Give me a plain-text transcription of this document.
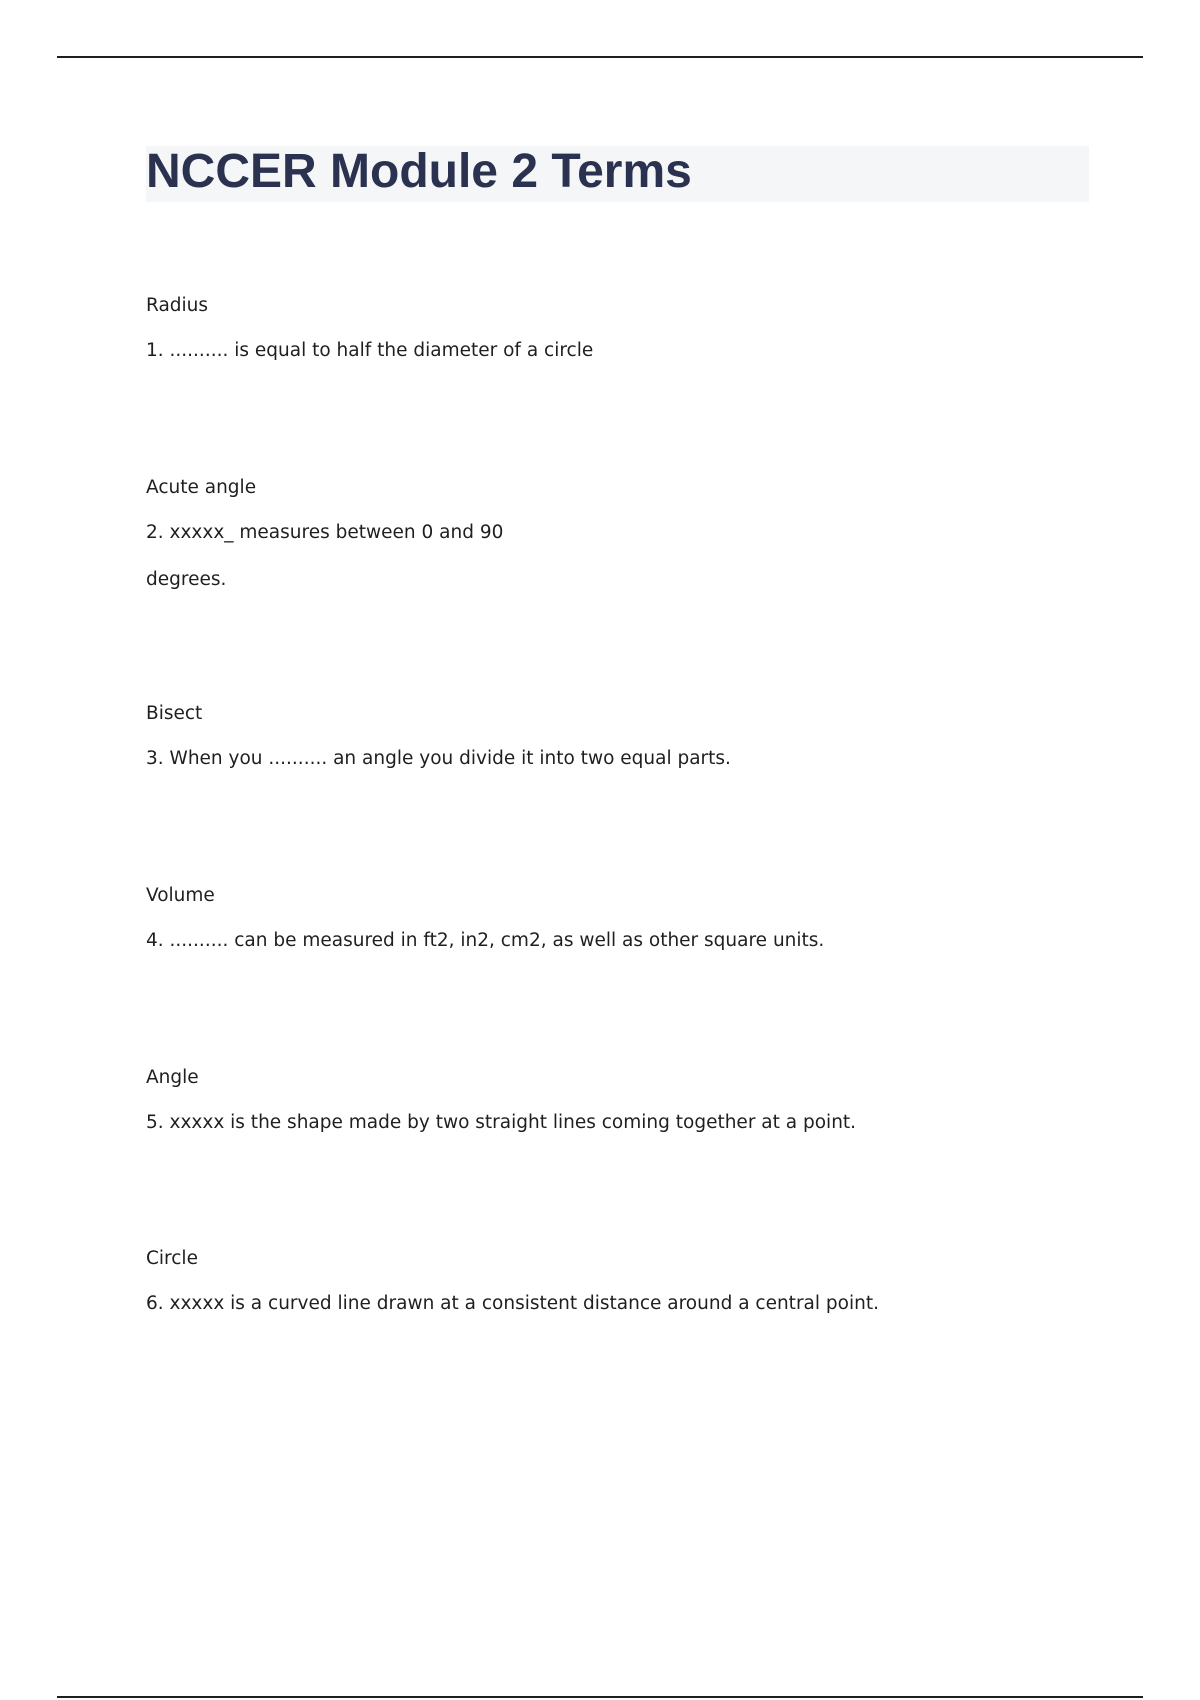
NCCER Module 2 Terms

Radius

1. .......... is equal to half the diameter of a circle

Acute angle

2. xxxxx_ measures between 0 and 90

degrees.

Bisect

3. When you .......... an angle you divide it into two equal parts.

Volume

4. .......... can be measured in ft2, in2, cm2, as well as other square units.

Angle

5. xxxxx is the shape made by two straight lines coming together at a point.

Circle

6. xxxxx is a curved line drawn at a consistent distance around a central point.
